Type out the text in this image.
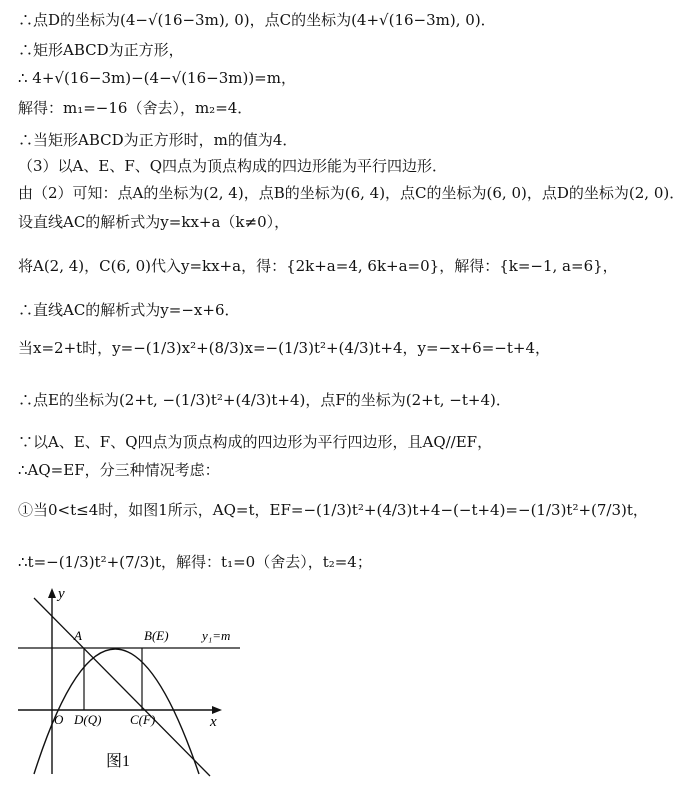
∴点D的坐标为(4−√(16−3m), 0)，点C的坐标为(4+√(16−3m), 0)．
∴矩形ABCD为正方形，
∴ 4+√(16−3m)−(4−√(16−3m))=m，
解得：m₁=−16（舍去），m₂=4．
∴当矩形ABCD为正方形时，m的值为4．
（3）以A、E、F、Q四点为顶点构成的四边形能为平行四边形．
由（2）可知：点A的坐标为(2, 4)，点B的坐标为(6, 4)，点C的坐标为(6, 0)，点D的坐标为(2, 0)．
设直线AC的解析式为y=kx+a（k≠0），
将A(2, 4)，C(6, 0)代入y=kx+a，得：{2k+a=4, 6k+a=0}，解得：{k=−1, a=6}，
∴直线AC的解析式为y=−x+6．
当x=2+t时，y=−(1/3)x²+(8/3)x=−(1/3)t²+(4/3)t+4，y=−x+6=−t+4，
∴点E的坐标为(2+t, −(1/3)t²+(4/3)t+4)，点F的坐标为(2+t, −t+4)．
∵以A、E、F、Q四点为顶点构成的四边形为平行四边形，且AQ//EF，
∴AQ=EF，分三种情况考虑：
①当0<t≤4时，如图1所示，AQ=t，EF=−(1/3)t²+(4/3)t+4−(−t+4)=−(1/3)t²+(7/3)t，
∴t=−(1/3)t²+(7/3)t，解得：t₁=0（舍去），t₂=4；
y
x
O
A	B(E)	y₁=m
D(Q) C(F)
图1
